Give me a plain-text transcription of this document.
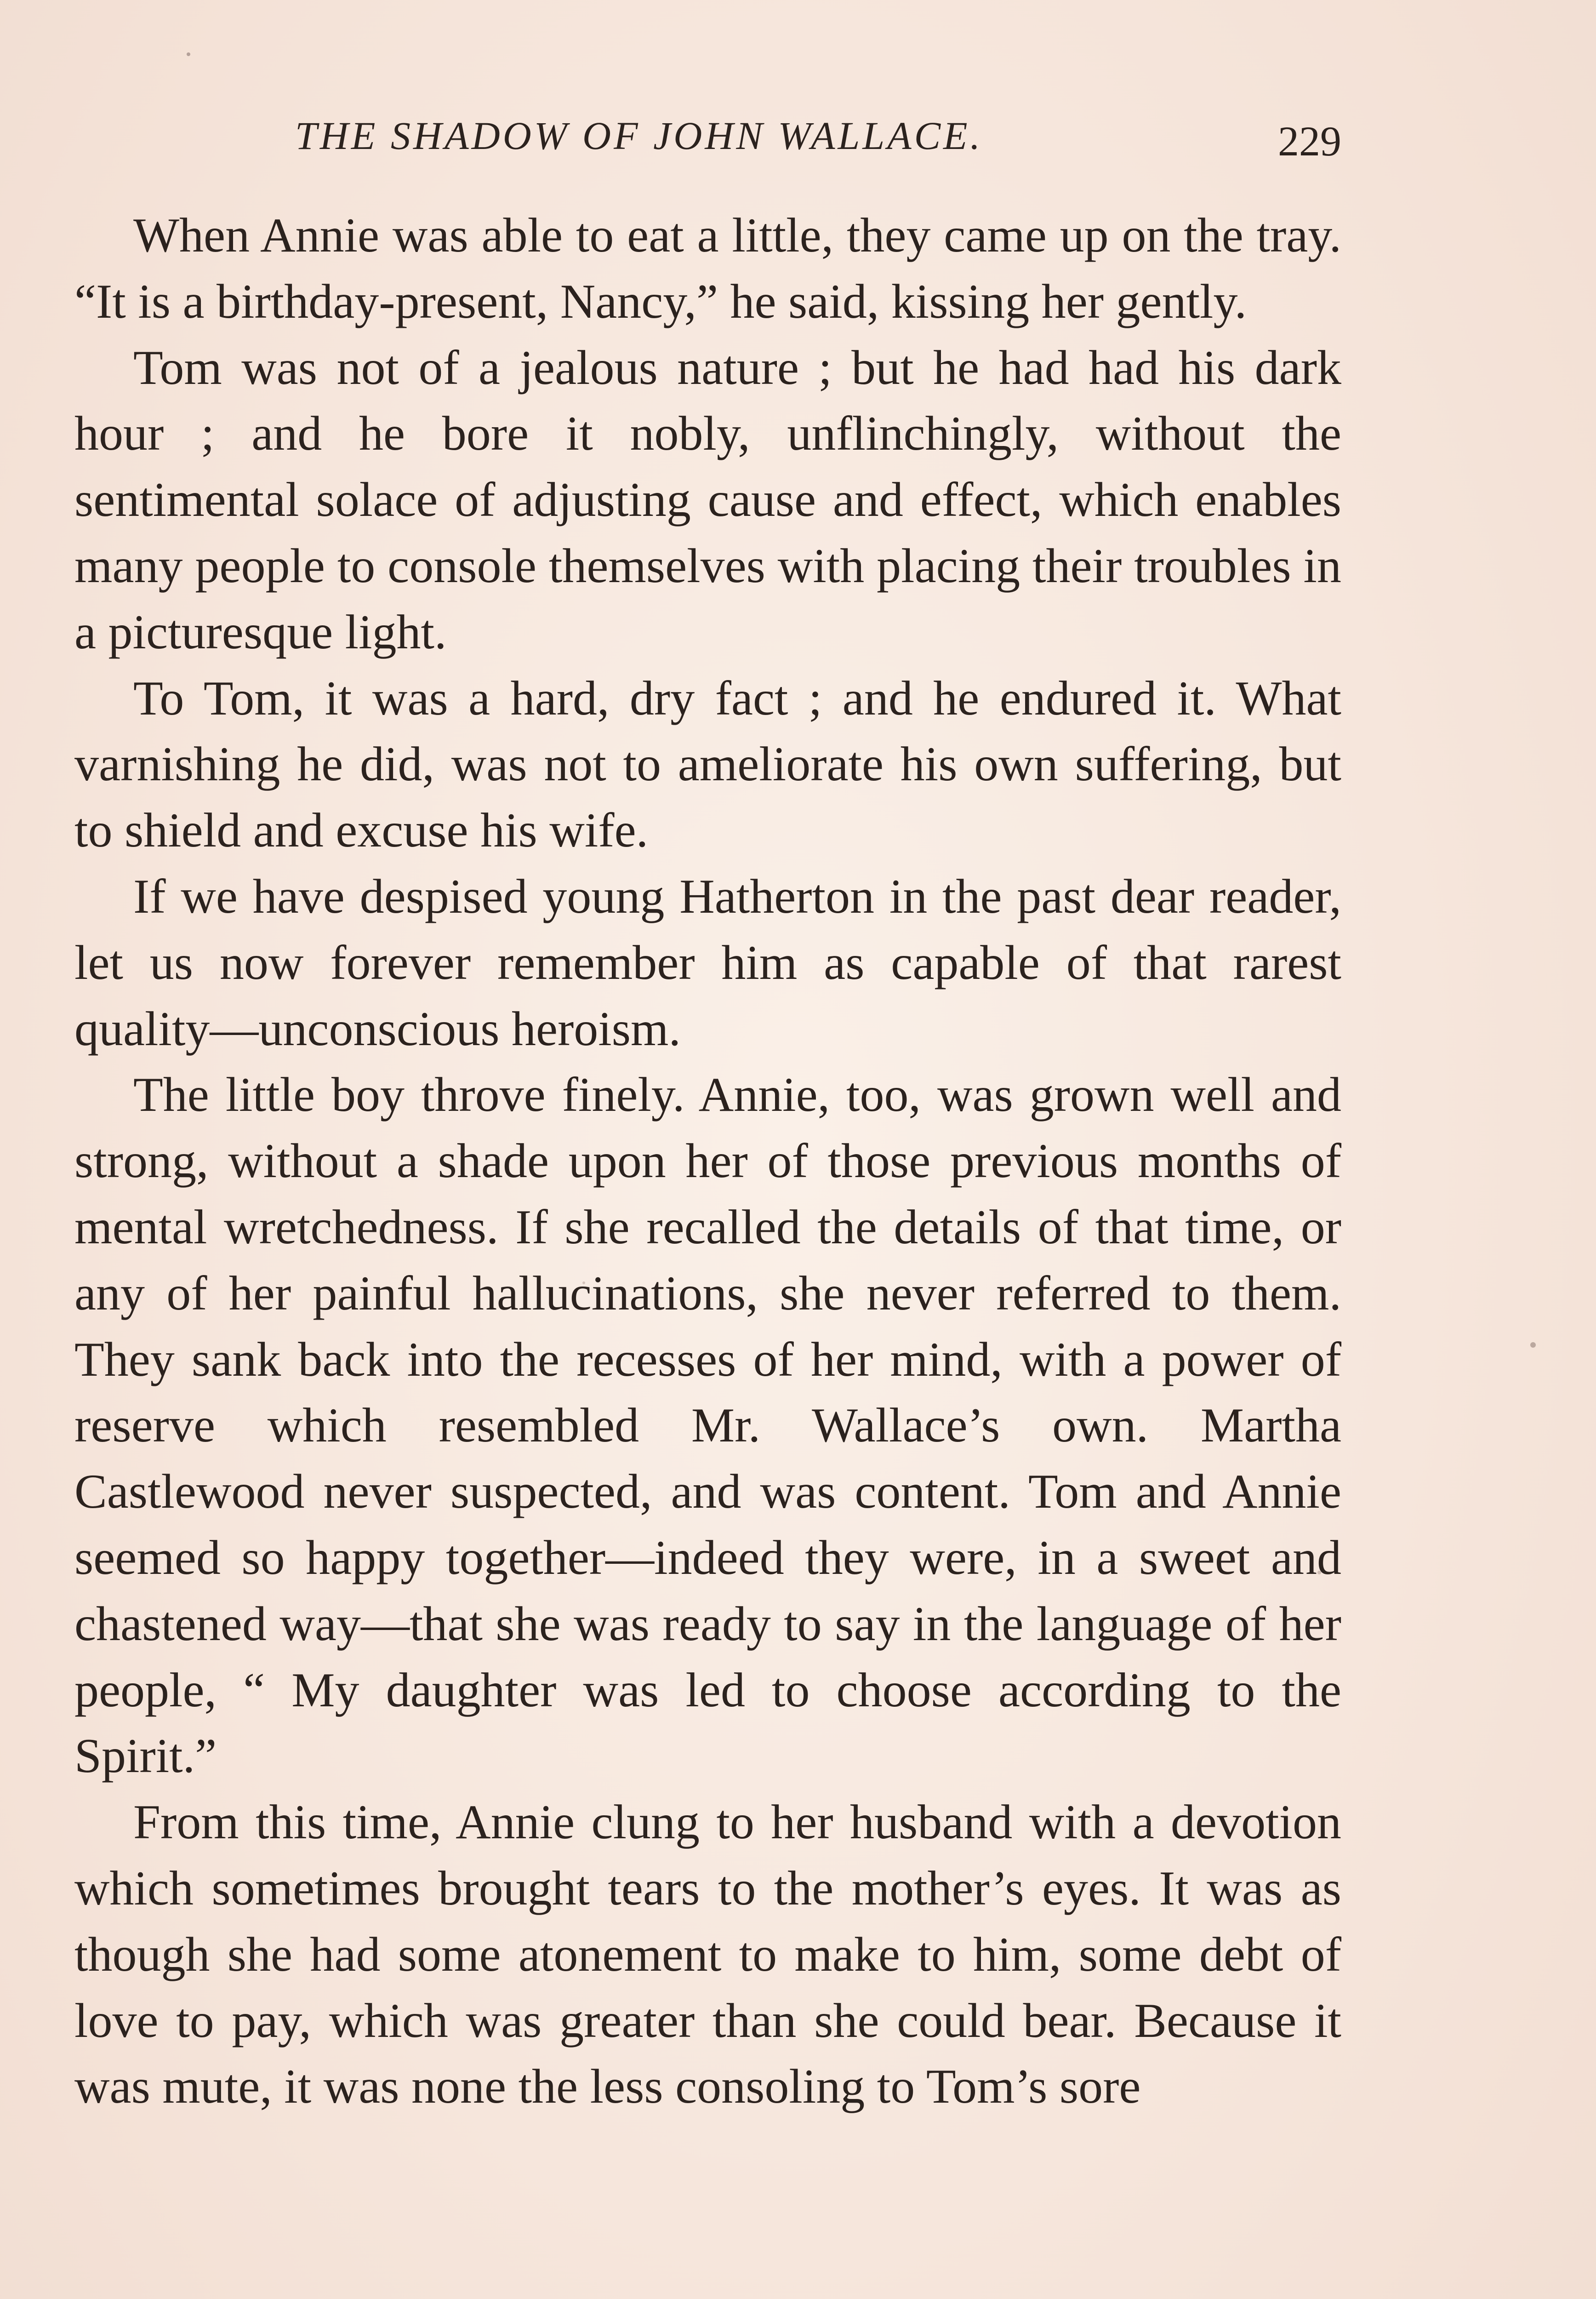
THE SHADOW OF JOHN WALLACE.	229

When Annie was able to eat a little, they came up on the tray. “It is a birthday-present, Nancy,” he said, kissing her gently.

Tom was not of a jealous nature ; but he had had his dark hour ; and he bore it nobly, unflinchingly, without the sentimental solace of adjusting cause and effect, which enables many people to console themselves with placing their troubles in a picturesque light.

To Tom, it was a hard, dry fact ; and he endured it. What varnishing he did, was not to ameliorate his own suffering, but to shield and excuse his wife.

If we have despised young Hatherton in the past dear reader, let us now forever remember him as capable of that rarest quality—unconscious heroism.

The little boy throve finely. Annie, too, was grown well and strong, without a shade upon her of those previous months of mental wretchedness. If she recalled the details of that time, or any of her painful hallucinations, she never referred to them. They sank back into the recesses of her mind, with a power of reserve which resembled Mr. Wallace’s own. Martha Castlewood never suspected, and was content. Tom and Annie seemed so happy together—indeed they were, in a sweet and chastened way—that she was ready to say in the language of her people, “ My daughter was led to choose according to the Spirit.”

From this time, Annie clung to her husband with a devotion which sometimes brought tears to the mother’s eyes. It was as though she had some atonement to make to him, some debt of love to pay, which was greater than she could bear. Because it was mute, it was none the less consoling to Tom’s sore
